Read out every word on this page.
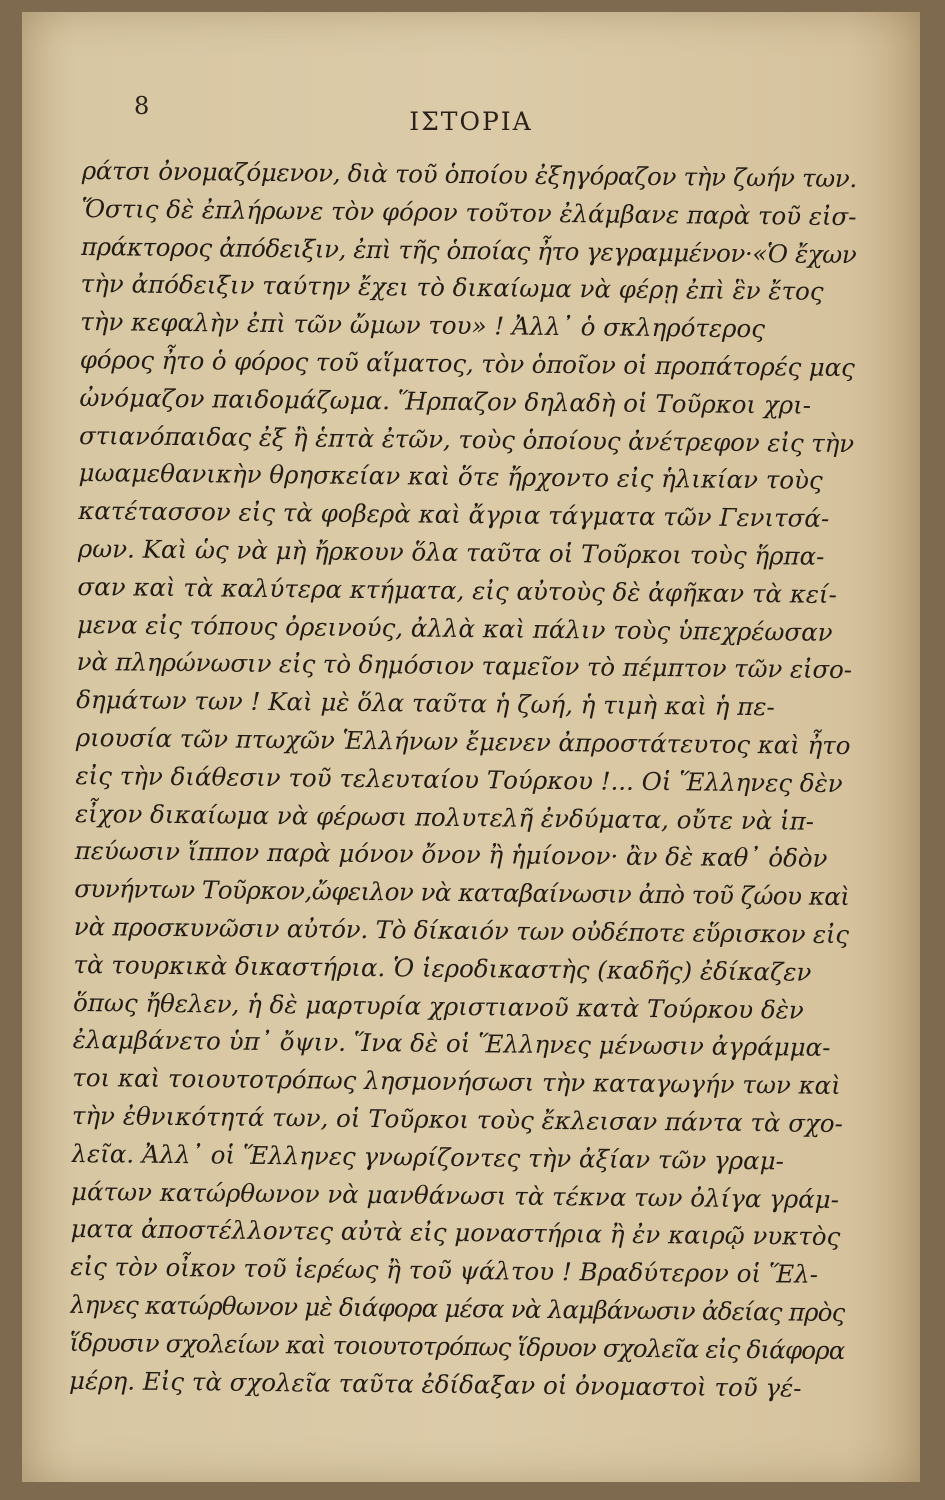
8
ΙΣΤΟΡΙΑ
ράτσι ὀνομαζόμενον, διὰ τοῦ ὁποίου ἐξηγόραζον τὴν ζωήν των.
Ὅστις δὲ ἐπλήρωνε τὸν φόρον τοῦτον ἐλάμβανε παρὰ τοῦ εἰσ-
πράκτορος ἀπόδειξιν, ἐπὶ τῆς ὁποίας ἦτο γεγραμμένον·«Ὁ ἔχων
τὴν ἀπόδειξιν ταύτην ἔχει τὸ δικαίωμα νὰ φέρῃ ἐπὶ ἓν ἔτος
τὴν κεφαλὴν ἐπὶ τῶν ὤμων του» ! Ἀλλ᾽ ὁ σκληρότερος
φόρος ἦτο ὁ φόρος τοῦ αἵματος, τὸν ὁποῖον οἱ προπάτορές μας
ὠνόμαζον παιδομάζωμα. Ἥρπαζον δηλαδὴ οἱ Τοῦρκοι χρι-
στιανόπαιδας ἐξ ἢ ἑπτὰ ἐτῶν, τοὺς ὁποίους ἀνέτρεφον εἰς τὴν
μωαμεθανικὴν θρησκείαν καὶ ὅτε ἤρχοντο εἰς ἡλικίαν τοὺς
κατέτασσον εἰς τὰ φοβερὰ καὶ ἄγρια τάγματα τῶν Γενιτσά-
ρων. Καὶ ὡς νὰ μὴ ἤρκουν ὅλα ταῦτα οἱ Τοῦρκοι τοὺς ἥρπα-
σαν καὶ τὰ καλύτερα κτήματα, εἰς αὐτοὺς δὲ ἀφῆκαν τὰ κεί-
μενα εἰς τόπους ὀρεινούς, ἀλλὰ καὶ πάλιν τοὺς ὑπεχρέωσαν
νὰ πληρώνωσιν εἰς τὸ δημόσιον ταμεῖον τὸ πέμπτον τῶν εἰσο-
δημάτων των ! Καὶ μὲ ὅλα ταῦτα ἡ ζωή, ἡ τιμὴ καὶ ἡ πε-
ριουσία τῶν πτωχῶν Ἑλλήνων ἔμενεν ἀπροστάτευτος καὶ ἦτο
εἰς τὴν διάθεσιν τοῦ τελευταίου Τούρκου !... Οἱ Ἕλληνες δὲν
εἶχον δικαίωμα νὰ φέρωσι πολυτελῆ ἐνδύματα, οὔτε νὰ ἱπ-
πεύωσιν ἵππον παρὰ μόνον ὄνον ἢ ἡμίονον· ἂν δὲ καθ᾽ ὁδὸν
συνήντων Τοῦρκον,ὤφειλον νὰ καταβαίνωσιν ἀπὸ τοῦ ζώου καὶ
νὰ προσκυνῶσιν αὐτόν. Τὸ δίκαιόν των οὐδέποτε εὕρισκον εἰς
τὰ τουρκικὰ δικαστήρια. Ὁ ἱεροδικαστὴς (καδῆς) ἐδίκαζεν
ὅπως ἤθελεν, ἡ δὲ μαρτυρία χριστιανοῦ κατὰ Τούρκου δὲν
ἐλαμβάνετο ὑπ᾽ ὄψιν. Ἵνα δὲ οἱ Ἕλληνες μένωσιν ἀγράμμα-
τοι καὶ τοιουτοτρόπως λησμονήσωσι τὴν καταγωγήν των καὶ
τὴν ἐθνικότητά των, οἱ Τοῦρκοι τοὺς ἔκλεισαν πάντα τὰ σχο-
λεῖα. Ἀλλ᾽ οἱ Ἕλληνες γνωρίζοντες τὴν ἀξίαν τῶν γραμ-
μάτων κατώρθωνον νὰ μανθάνωσι τὰ τέκνα των ὀλίγα γράμ-
ματα ἀποστέλλοντες αὐτὰ εἰς μοναστήρια ἢ ἐν καιρῷ νυκτὸς
εἰς τὸν οἶκον τοῦ ἱερέως ἢ τοῦ ψάλτου ! Βραδύτερον οἱ Ἕλ-
ληνες κατώρθωνον μὲ διάφορα μέσα νὰ λαμβάνωσιν ἀδείας πρὸς
ἵδρυσιν σχολείων καὶ τοιουτοτρόπως ἵδρυον σχολεῖα εἰς διάφορα
μέρη. Εἰς τὰ σχολεῖα ταῦτα ἐδίδαξαν οἱ ὀνομαστοὶ τοῦ γέ-
